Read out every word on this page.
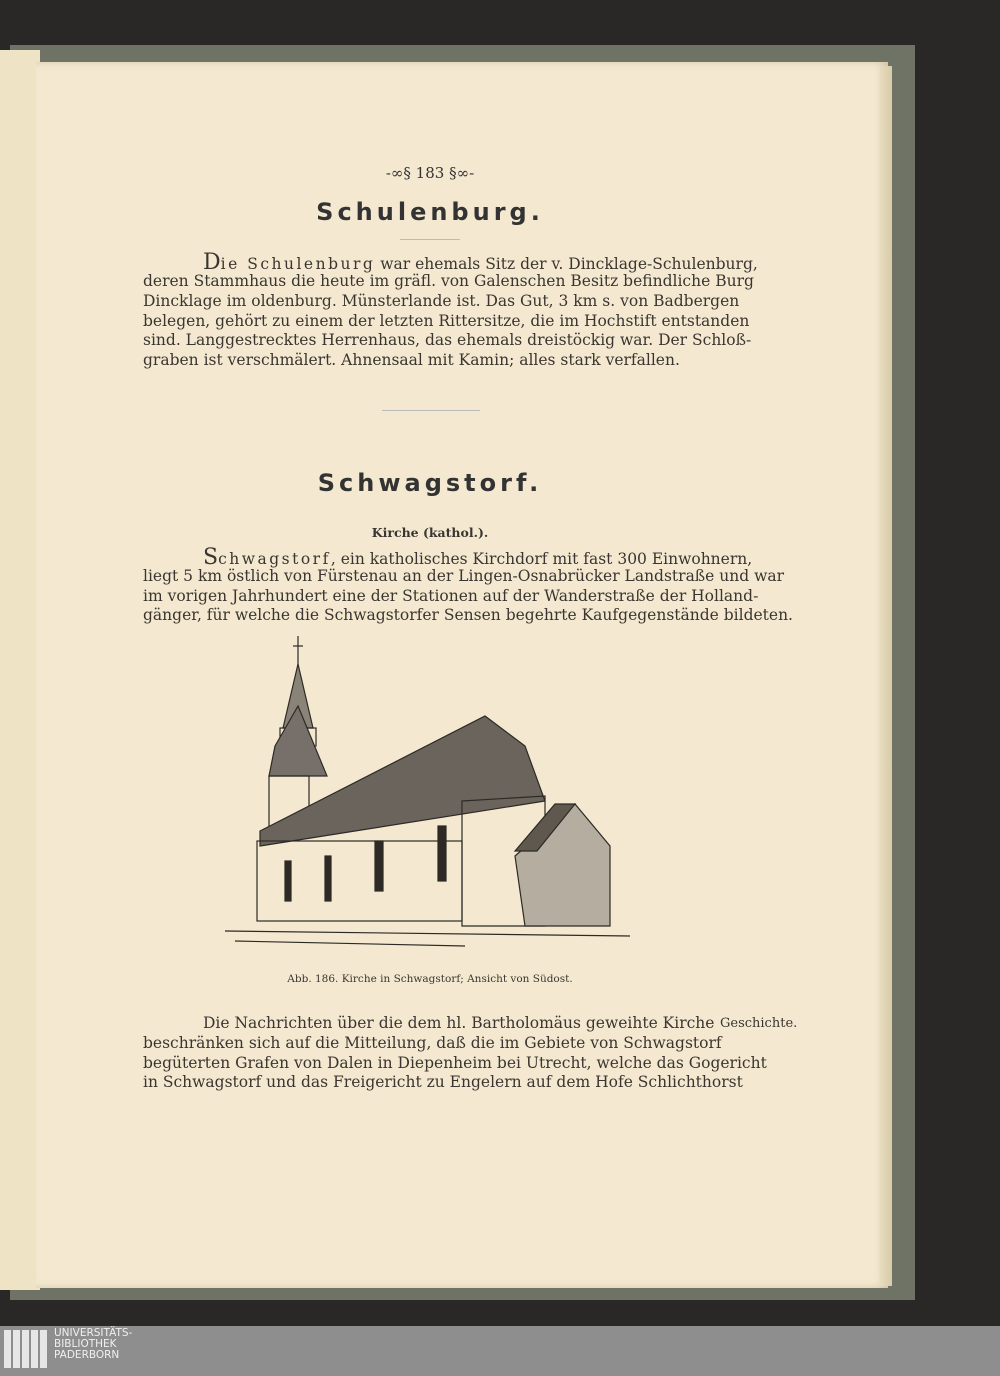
-∞§ 183 §∞-
Schulenburg.
Die Schulenburg war ehemals Sitz der v. Dincklage-Schulenburg,
deren Stammhaus die heute im gräfl. von Galenschen Besitz befindliche Burg
Dincklage im oldenburg. Münsterlande ist. Das Gut, 3 km s. von Badbergen
belegen, gehört zu einem der letzten Rittersitze, die im Hochstift entstanden
sind. Langgestrecktes Herrenhaus, das ehemals dreistöckig war. Der Schloß-
graben ist verschmälert. Ahnensaal mit Kamin; alles stark verfallen.
Schwagstorf.
Kirche (kathol.).
Schwagstorf, ein katholisches Kirchdorf mit fast 300 Einwohnern,
liegt 5 km östlich von Fürstenau an der Lingen-Osnabrücker Landstraße und war
im vorigen Jahrhundert eine der Stationen auf der Wanderstraße der Holland-
gänger, für welche die Schwagstorfer Sensen begehrte Kaufgegenstände bildeten.
Abb. 186. Kirche in Schwagstorf; Ansicht von Südost.
Die Nachrichten über die dem hl. Bartholomäus geweihte Kirche Geschichte.
beschränken sich auf die Mitteilung, daß die im Gebiete von Schwagstorf
begüterten Grafen von Dalen in Diepenheim bei Utrecht, welche das Gogericht
in Schwagstorf und das Freigericht zu Engelern auf dem Hofe Schlichthorst
UNIVERSITÄTS-
BIBLIOTHEK
PADERBORN
